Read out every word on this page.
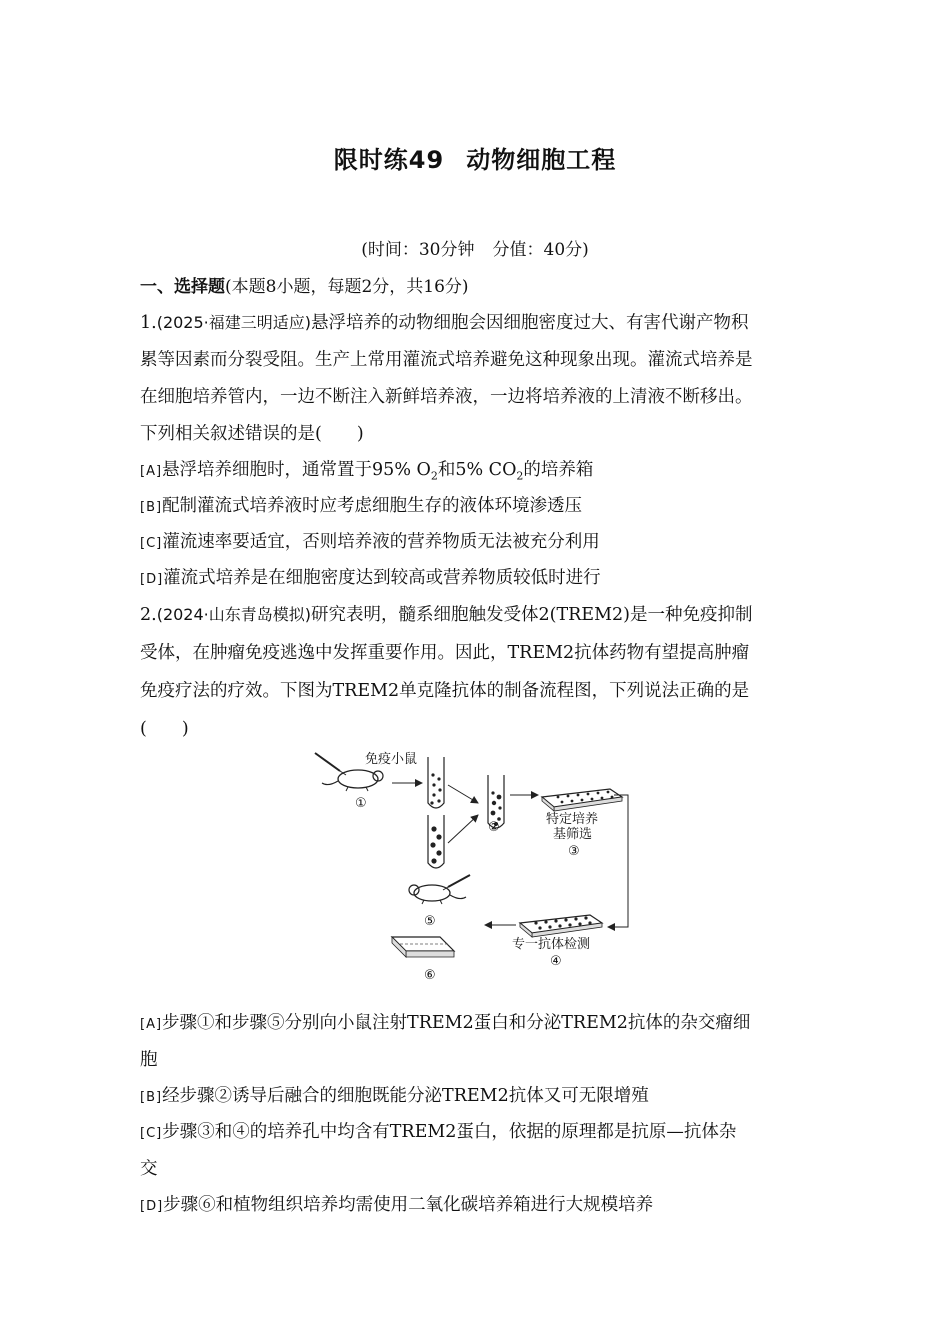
限时练49 动物细胞工程
(时间：30分钟 分值：40分)
一、选择题(本题8小题，每题2分，共16分)
1.(2025·福建三明适应)悬浮培养的动物细胞会因细胞密度过大、有害代谢产物积
累等因素而分裂受阻。生产上常用灌流式培养避免这种现象出现。灌流式培养是
在细胞培养管内，一边不断注入新鲜培养液，一边将培养液的上清液不断移出。
下列相关叙述错误的是(　　)
[A]悬浮培养细胞时，通常置于95% $O_2$和5% $CO_2$的培养箱
[B]配制灌流式培养液时应考虑细胞生存的液体环境渗透压
[C]灌流速率要适宜，否则培养液的营养物质无法被充分利用
[D]灌流式培养是在细胞密度达到较高或营养物质较低时进行
2.(2024·山东青岛模拟)研究表明，髓系细胞触发受体2(TREM2)是一种免疫抑制
受体，在肿瘤免疫逃逸中发挥重要作用。因此，TREM2抗体药物有望提高肿瘤
免疫疗法的疗效。下图为TREM2单克隆抗体的制备流程图，下列说法正确的是
(　　)
免疫小鼠
①
②
特定培养
基筛选
③
专一抗体检测
④
⑤
⑥
[A]步骤①和步骤⑤分别向小鼠注射TREM2蛋白和分泌TREM2抗体的杂交瘤细
胞
[B]经步骤②诱导后融合的细胞既能分泌TREM2抗体又可无限增殖
[C]步骤③和④的培养孔中均含有TREM2蛋白，依据的原理都是抗原—抗体杂
交
[D]步骤⑥和植物组织培养均需使用二氧化碳培养箱进行大规模培养
